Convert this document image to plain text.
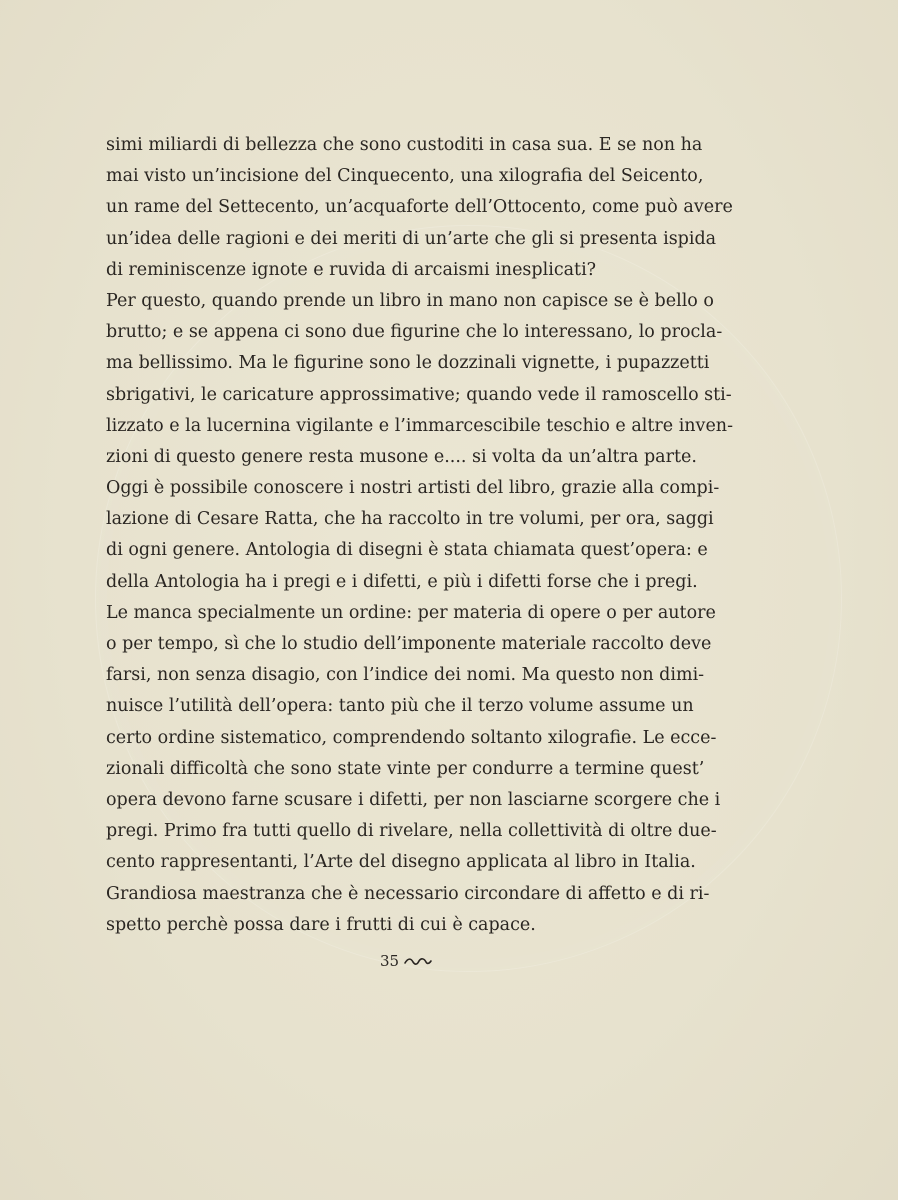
simi miliardi di bellezza che sono custoditi in casa sua. E se non ha
mai visto un’incisione del Cinquecento, una xilografia del Seicento,
un rame del Settecento, un’acquaforte dell’Ottocento, come può avere
un’idea delle ragioni e dei meriti di un’arte che gli si presenta ispida
di reminiscenze ignote e ruvida di arcaismi inesplicati?
Per questo, quando prende un libro in mano non capisce se è bello o
brutto; e se appena ci sono due figurine che lo interessano, lo procla-
ma bellissimo. Ma le figurine sono le dozzinali vignette, i pupazzetti
sbrigativi, le caricature approssimative; quando vede il ramoscello sti-
lizzato e la lucernina vigilante e l’immarcescibile teschio e altre inven-
zioni di questo genere resta musone e.... si volta da un’altra parte.
Oggi è possibile conoscere i nostri artisti del libro, grazie alla compi-
lazione di Cesare Ratta, che ha raccolto in tre volumi, per ora, saggi
di ogni genere. Antologia di disegni è stata chiamata quest’opera: e
della Antologia ha i pregi e i difetti, e più i difetti forse che i pregi.
Le manca specialmente un ordine: per materia di opere o per autore
o per tempo, sì che lo studio dell’imponente materiale raccolto deve
farsi, non senza disagio, con l’indice dei nomi. Ma questo non dimi-
nuisce l’utilità dell’opera: tanto più che il terzo volume assume un
certo ordine sistematico, comprendendo soltanto xilografie. Le ecce-
zionali difficoltà che sono state vinte per condurre a termine quest’
opera devono farne scusare i difetti, per non lasciarne scorgere che i
pregi. Primo fra tutti quello di rivelare, nella collettività di oltre due-
cento rappresentanti, l’Arte del disegno applicata al libro in Italia.
Grandiosa maestranza che è necessario circondare di affetto e di ri-
spetto perchè possa dare i frutti di cui è capace.
35
